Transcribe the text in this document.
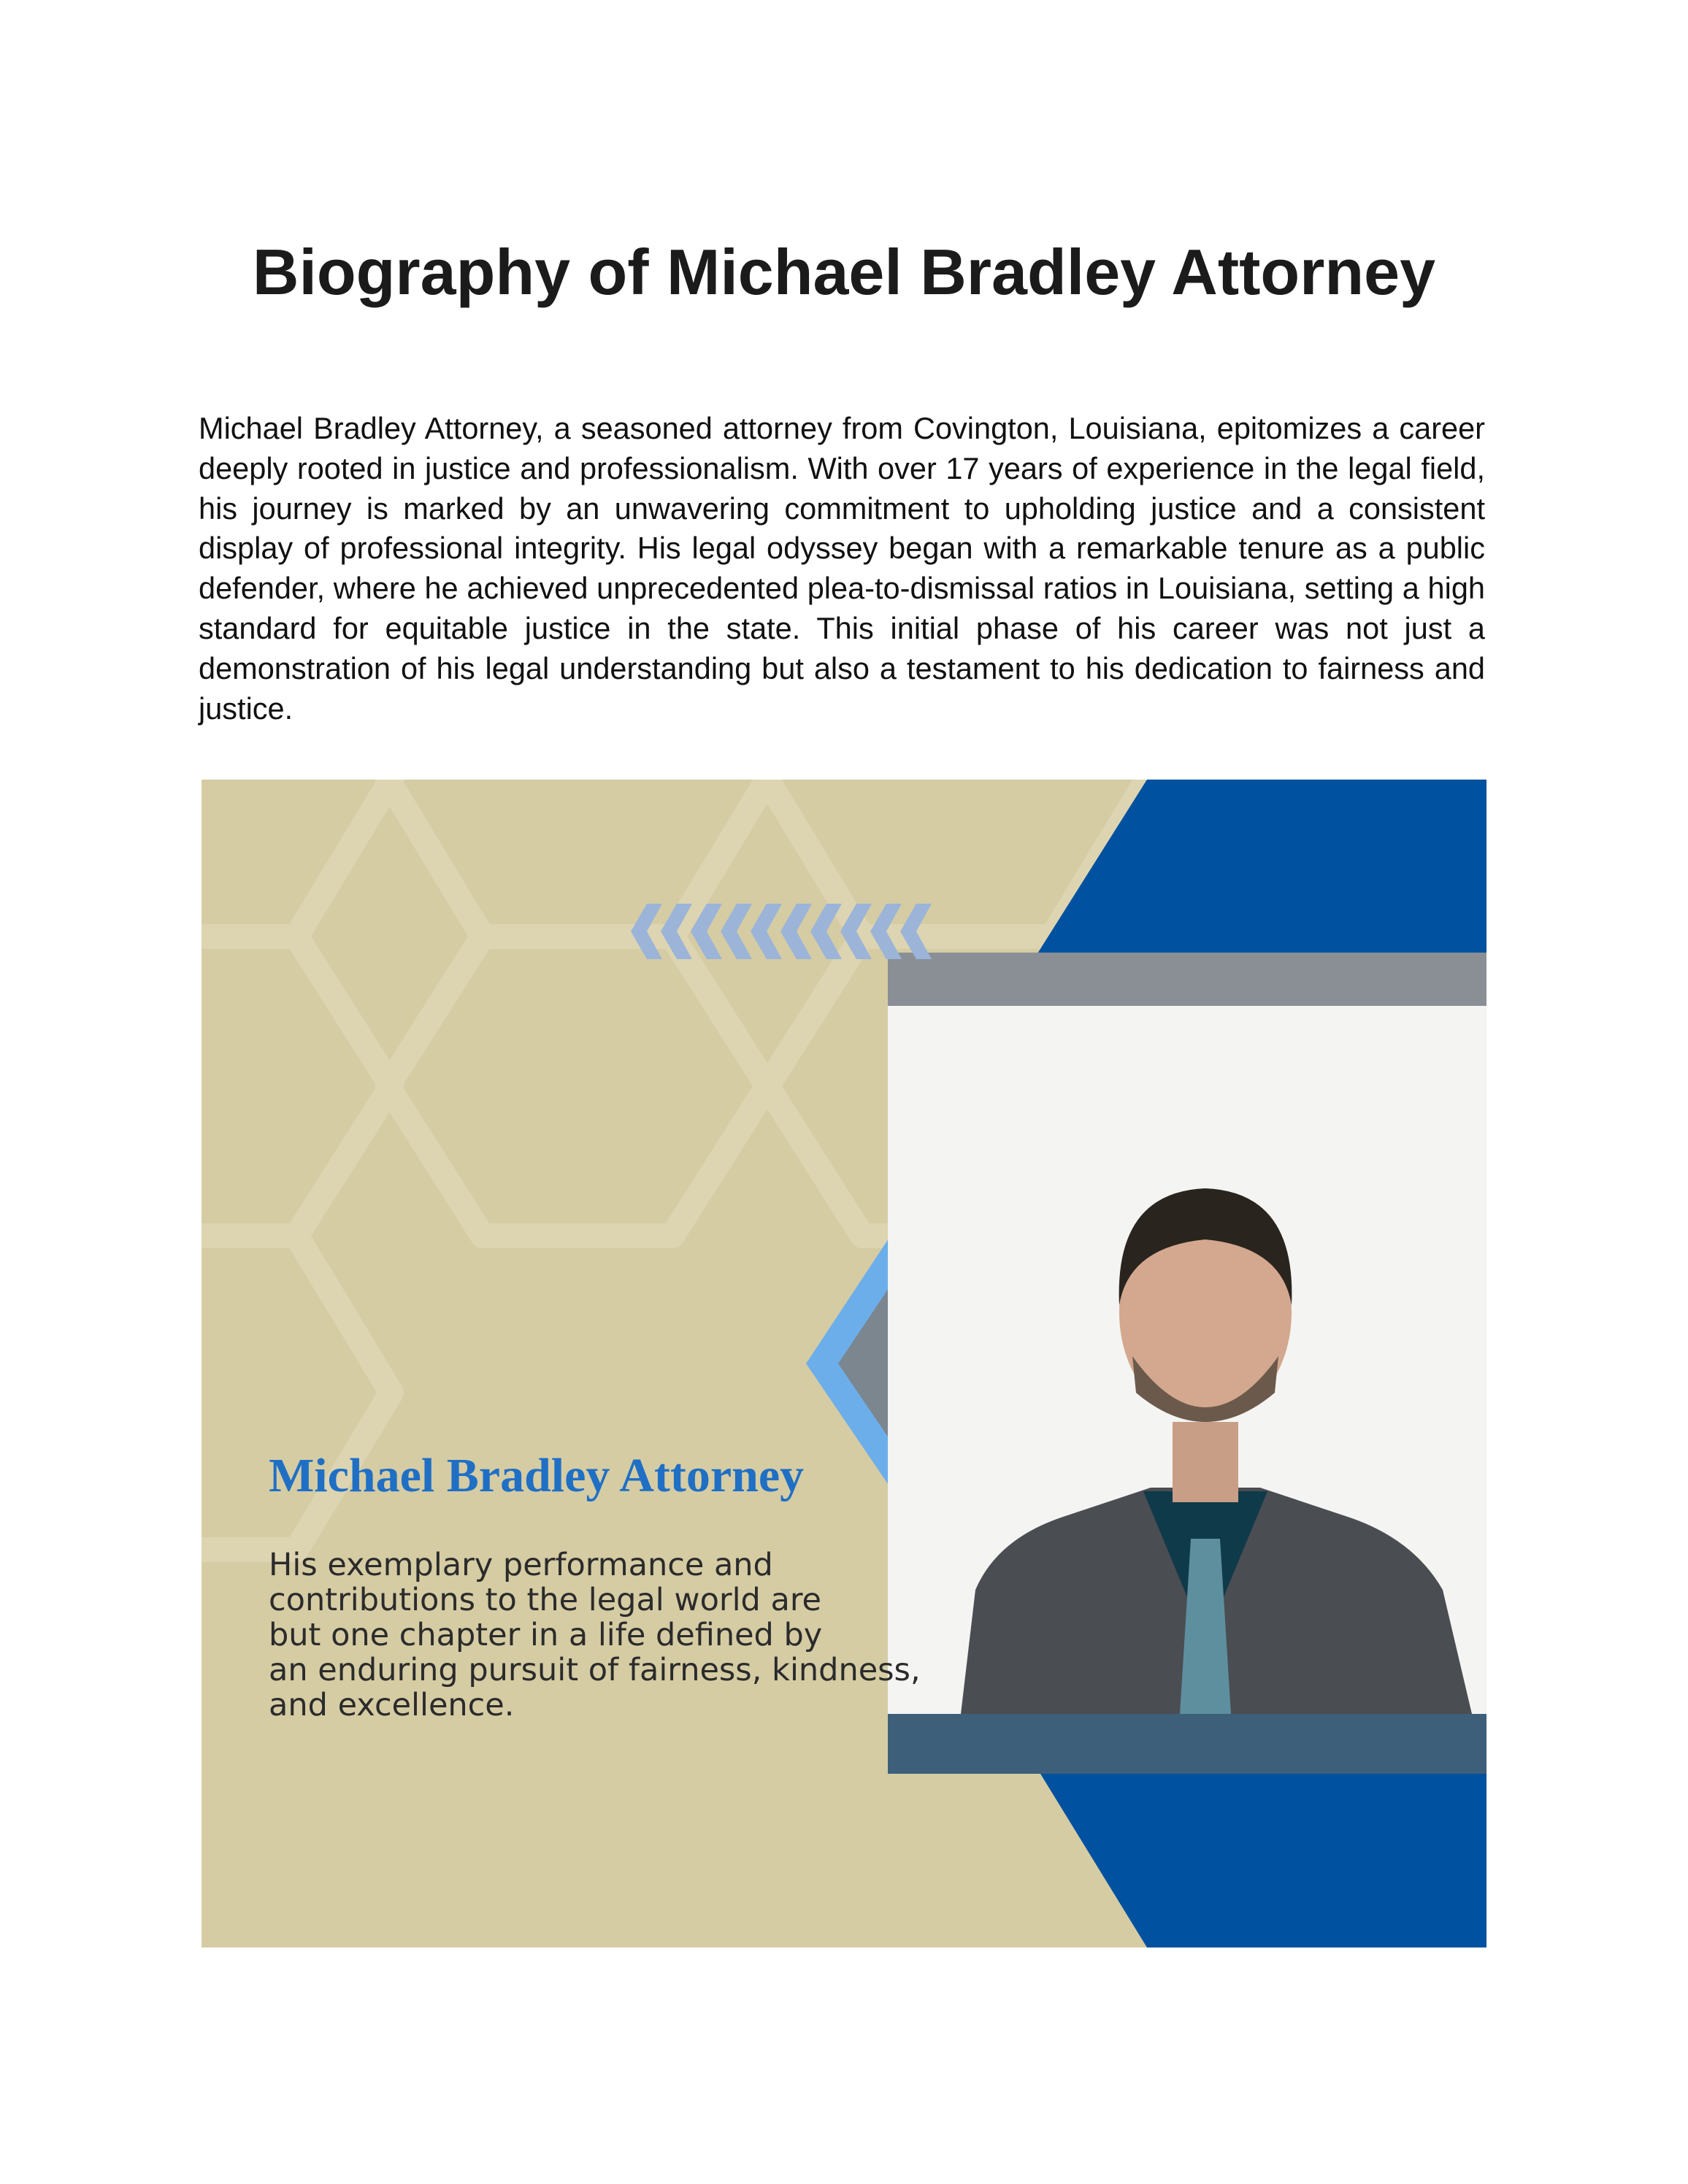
Biography of Michael Bradley Attorney

Michael Bradley Attorney, a seasoned attorney from Covington, Louisiana, epitomizes a career deeply rooted in justice and professionalism. With over 17 years of experience in the legal field, his journey is marked by an unwavering commitment to upholding justice and a consistent display of professional integrity. His legal odyssey began with a remarkable tenure as a public defender, where he achieved unprecedented plea-to-dismissal ratios in Louisiana, setting a high standard for equitable justice in the state. This initial phase of his career was not just a demonstration of his legal understanding but also a testament to his dedication to fairness and justice.

Michael Bradley Attorney
His exemplary performance and
contributions to the legal world are
but one chapter in a life defined by
an enduring pursuit of fairness, kindness,
and excellence.
